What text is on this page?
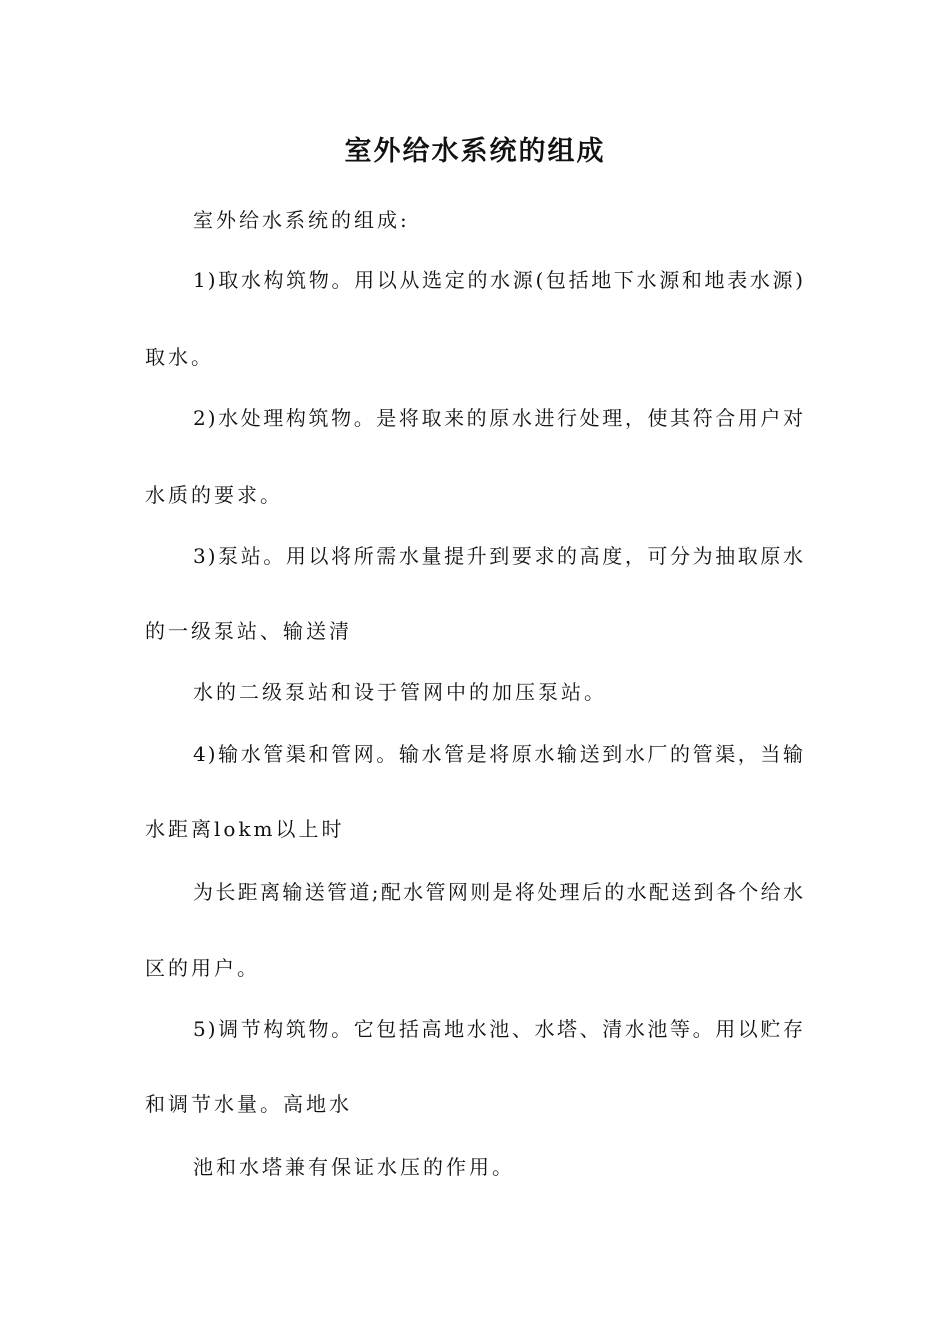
室外给水系统的组成

室外给水系统的组成:

1)取水构筑物。用以从选定的水源(包括地下水源和地表水源)

取水。

2)水处理构筑物。是将取来的原水进行处理，使其符合用户对

水质的要求。

3)泵站。用以将所需水量提升到要求的高度，可分为抽取原水

的一级泵站、输送清

水的二级泵站和设于管网中的加压泵站。

4)输水管渠和管网。输水管是将原水输送到水厂的管渠，当输

水距离lokm以上时

为长距离输送管道;配水管网则是将处理后的水配送到各个给水

区的用户。

5)调节构筑物。它包括高地水池、水塔、清水池等。用以贮存

和调节水量。高地水

池和水塔兼有保证水压的作用。
